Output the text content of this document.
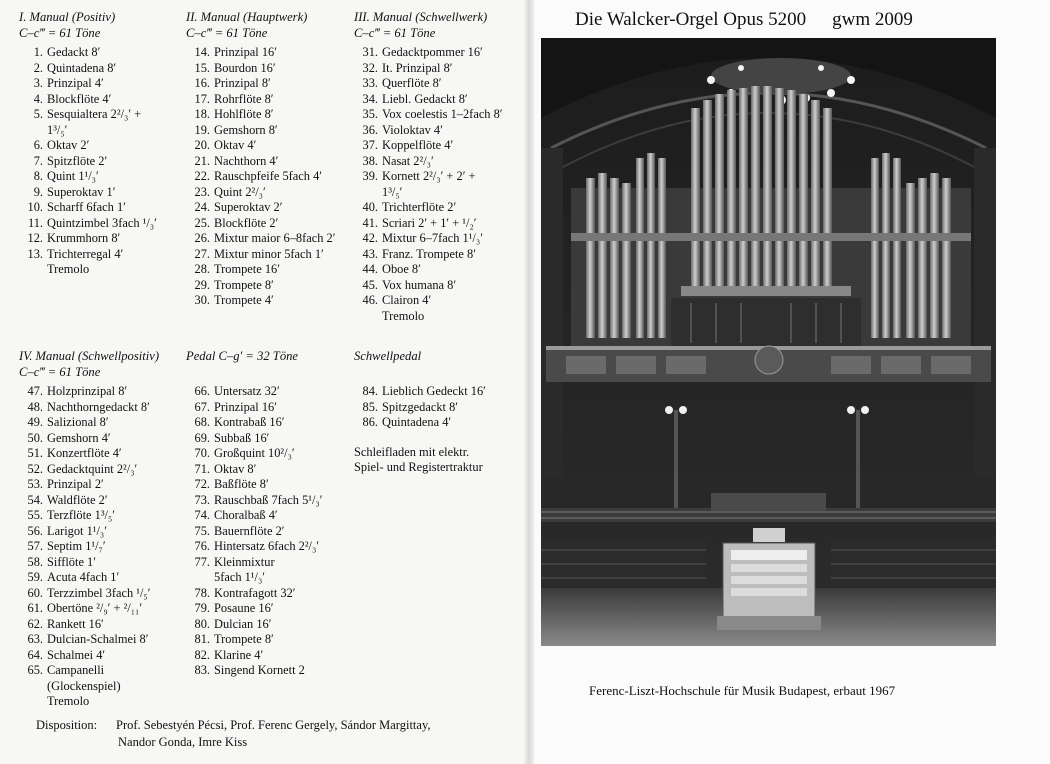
I. Manual (Positiv)
C–c‴ = 61 Töne
1. Gedackt 8′
2. Quintadena 8′
3. Prinzipal 4′
4. Blockflöte 4′
5. Sesquialtera 2²/₃′ +
1³/₅′
6. Oktav 2′
7. Spitzflöte 2′
8. Quint 1¹/₃′
9. Superoktav 1′
10. Scharff 6fach 1′
11. Quintzimbel 3fach ¹/₃′
12. Krummhorn 8′
13. Trichterregal 4′
Tremolo
II. Manual (Hauptwerk)
C–c‴ = 61 Töne
14. Prinzipal 16′
15. Bourdon 16′
16. Prinzipal 8′
17. Rohrflöte 8′
18. Hohlflöte 8′
19. Gemshorn 8′
20. Oktav 4′
21. Nachthorn 4′
22. Rauschpfeife 5fach 4′
23. Quint 2²/₃′
24. Superoktav 2′
25. Blockflöte 2′
26. Mixtur maior 6–8fach 2′
27. Mixtur minor 5fach 1′
28. Trompete 16′
29. Trompete 8′
30. Trompete 4′
III. Manual (Schwellwerk)
C–c‴ = 61 Töne
31. Gedacktpommer 16′
32. It. Prinzipal 8′
33. Querflöte 8′
34. Liebl. Gedackt 8′
35. Vox coelestis 1–2fach 8′
36. Violoktav 4′
37. Koppelflöte 4′
38. Nasat 2²/₃′
39. Kornett 2²/₃′ + 2′ +
1³/₅′
40. Trichterflöte 2′
41. Scriari 2′ + 1′ + ¹/₂′
42. Mixtur 6–7fach 1¹/₃′
43. Franz. Trompete 8′
44. Oboe 8′
45. Vox humana 8′
46. Clairon 4′
Tremolo
IV. Manual (Schwellpositiv)
C–c‴ = 61 Töne
47. Holzprinzipal 8′
48. Nachthorngedackt 8′
49. Salizional 8′
50. Gemshorn 4′
51. Konzertflöte 4′
52. Gedacktquint 2²/₃′
53. Prinzipal 2′
54. Waldflöte 2′
55. Terzflöte 1³/₅′
56. Larigot 1¹/₃′
57. Septim 1¹/₇′
58. Sifflöte 1′
59. Acuta 4fach 1′
60. Terzzimbel 3fach ¹/₅′
61. Obertöne ²/₉′ + ²/₁₁′
62. Rankett 16′
63. Dulcian-Schalmei 8′
64. Schalmei 4′
65. Campanelli
(Glockenspiel)
Tremolo
Pedal C–g′ = 32 Töne
66. Untersatz 32′
67. Prinzipal 16′
68. Kontrabaß 16′
69. Subbaß 16′
70. Großquint 10²/₃′
71. Oktav 8′
72. Baßflöte 8′
73. Rauschbaß 7fach 5¹/₃′
74. Choralbaß 4′
75. Bauernflöte 2′
76. Hintersatz 6fach 2²/₃′
77. Kleinmixtur
5fach 1¹/₃′
78. Kontrafagott 32′
79. Posaune 16′
80. Dulcian 16′
81. Trompete 8′
82. Klarine 4′
83. Singend Kornett 2
Schwellpedal
84. Lieblich Gedeckt 16′
85. Spitzgedackt 8′
86. Quintadena 4′
Schleifladen mit elektr.
Spiel- und Registertraktur
Disposition: Prof. Sebestyén Pécsi, Prof. Ferenc Gergely, Sándor Margittay,
Nandor Gonda, Imre Kiss
Die Walcker-Orgel Opus 5200 gwm 2009
Ferenc-Liszt-Hochschule für Musik Budapest, erbaut 1967
